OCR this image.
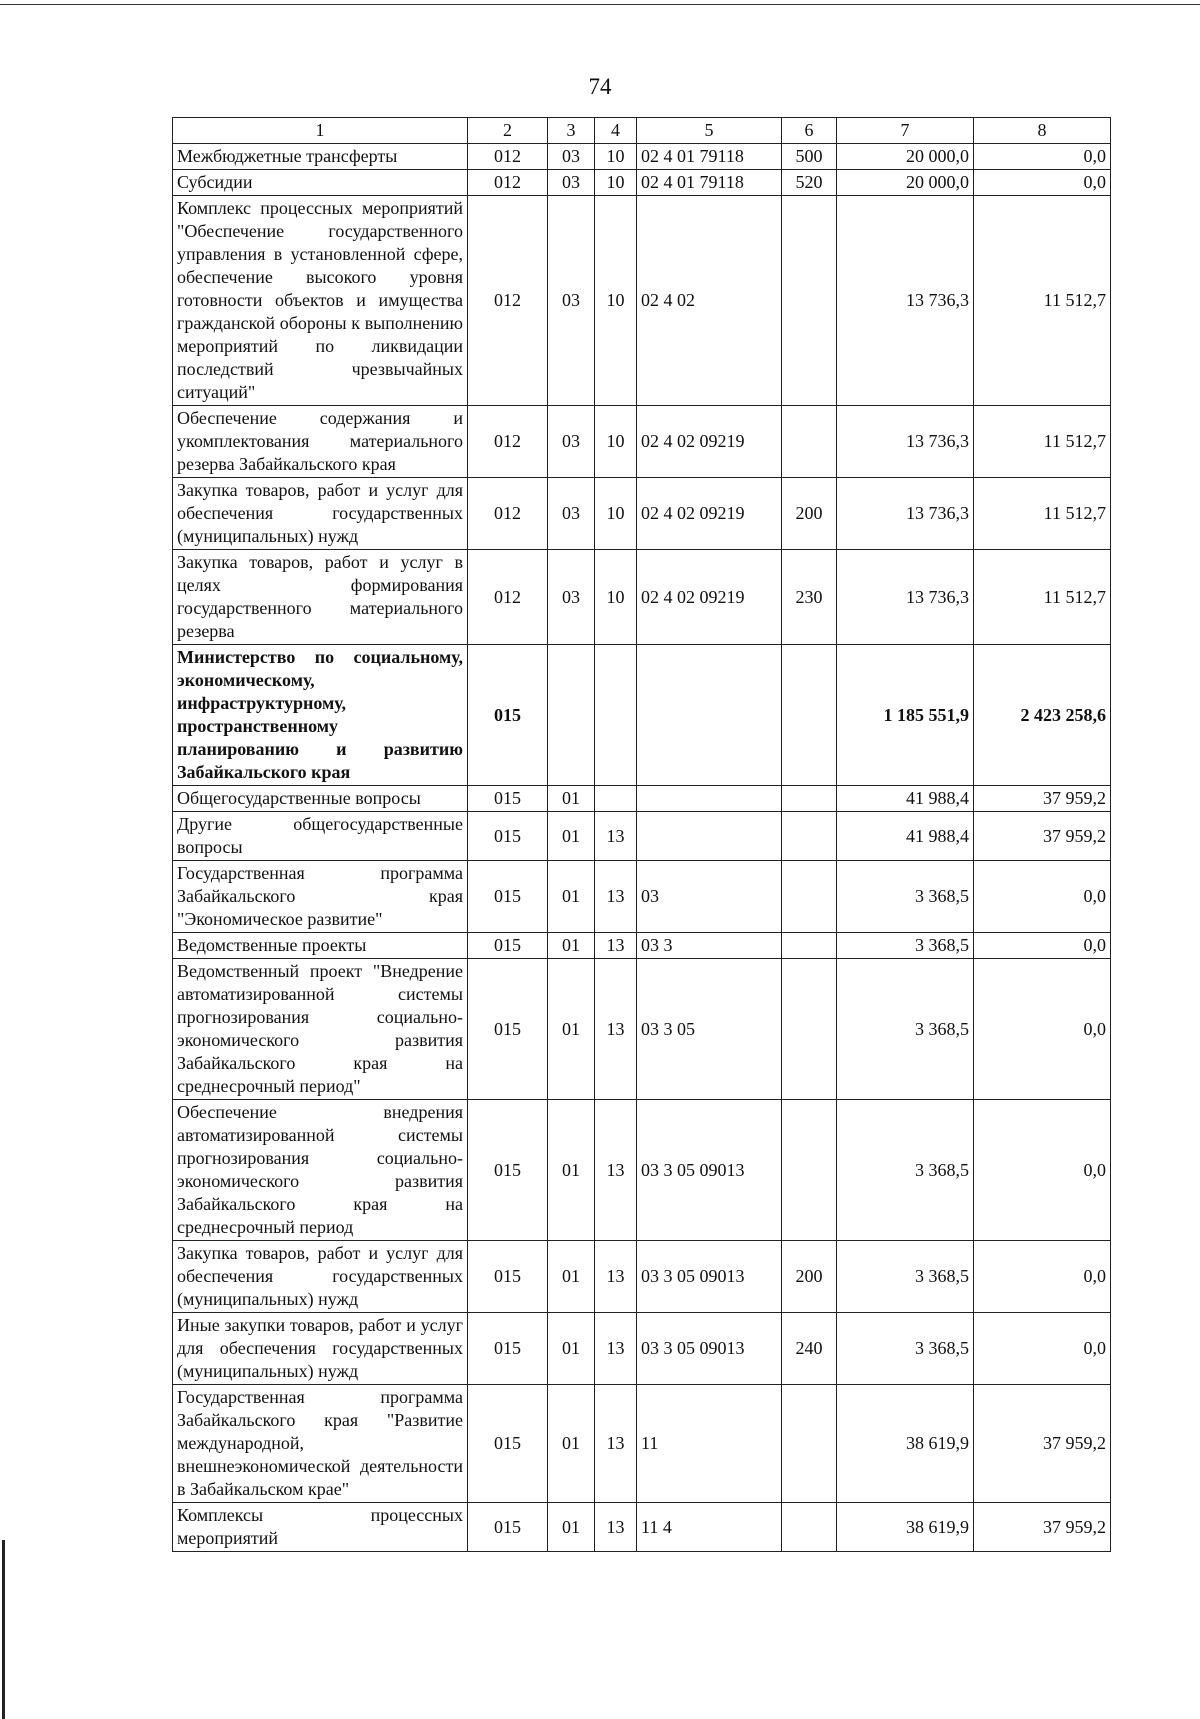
74
1	2	3	4	5	6	7	8
Межбюджетные трансферты	012	03	10	02 4 01 79118	500	20 000,0	0,0
Субсидии	012	03	10	02 4 01 79118	520	20 000,0	0,0
Комплекс процессных мероприятий "Обеспечение государственного управления в установленной сфере, обеспечение высокого уровня готовности объектов и имущества гражданской обороны к выполнению мероприятий по ликвидации последствий чрезвычайных ситуаций"	012	03	10	02 4 02		13 736,3	11 512,7
Обеспечение содержания и укомплектования материального резерва Забайкальского края	012	03	10	02 4 02 09219		13 736,3	11 512,7
Закупка товаров, работ и услуг для обеспечения государственных (муниципальных) нужд	012	03	10	02 4 02 09219	200	13 736,3	11 512,7
Закупка товаров, работ и услуг в целях формирования государственного материального резерва	012	03	10	02 4 02 09219	230	13 736,3	11 512,7
Министерство по социальному, экономическому, инфраструктурному, пространственному планированию и развитию Забайкальского края	015					1 185 551,9	2 423 258,6
Общегосударственные вопросы	015	01				41 988,4	37 959,2
Другие общегосударственные вопросы	015	01	13			41 988,4	37 959,2
Государственная программа Забайкальского края "Экономическое развитие"	015	01	13	03		3 368,5	0,0
Ведомственные проекты	015	01	13	03 3		3 368,5	0,0
Ведомственный проект "Внедрение автоматизированной системы прогнозирования социально-экономического развития Забайкальского края на среднесрочный период"	015	01	13	03 3 05		3 368,5	0,0
Обеспечение внедрения автоматизированной системы прогнозирования социально-экономического развития Забайкальского края на среднесрочный период	015	01	13	03 3 05 09013		3 368,5	0,0
Закупка товаров, работ и услуг для обеспечения государственных (муниципальных) нужд	015	01	13	03 3 05 09013	200	3 368,5	0,0
Иные закупки товаров, работ и услуг для обеспечения государственных (муниципальных) нужд	015	01	13	03 3 05 09013	240	3 368,5	0,0
Государственная программа Забайкальского края "Развитие международной, внешнеэкономической деятельности в Забайкальском крае"	015	01	13	11		38 619,9	37 959,2
Комплексы процессных мероприятий	015	01	13	11 4		38 619,9	37 959,2
